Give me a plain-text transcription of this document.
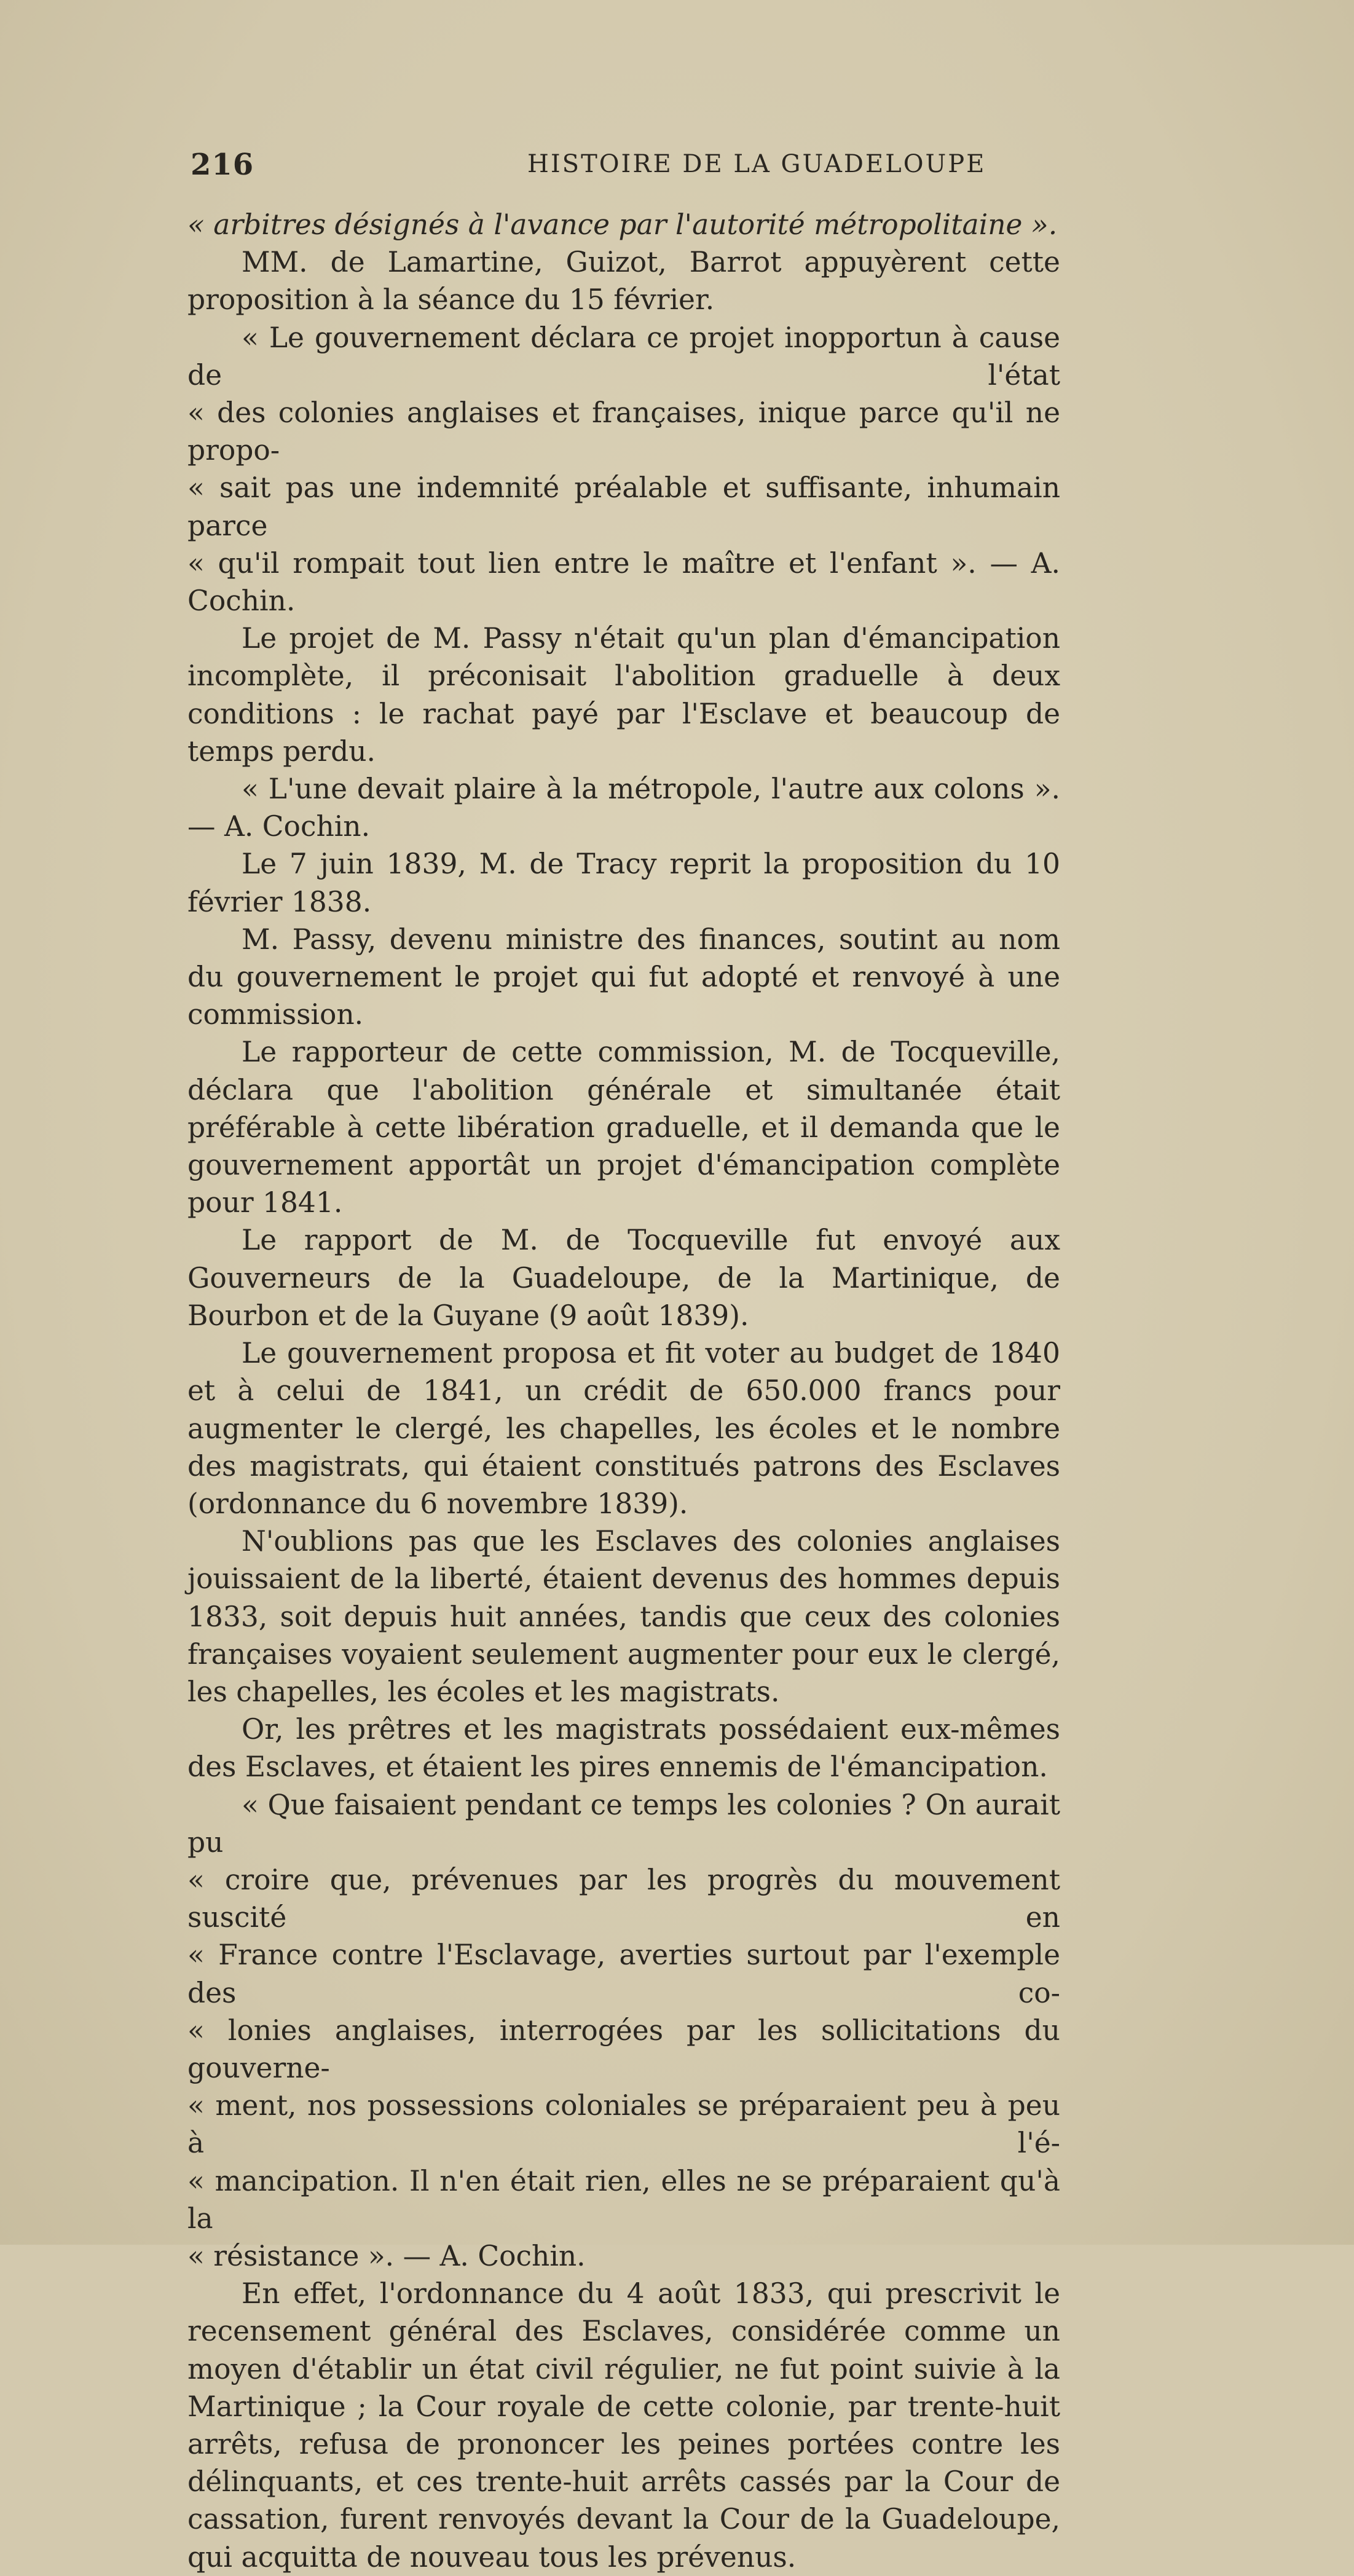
216	HISTOIRE DE LA GUADELOUPE

« arbitres désignés à l'avance par l'autorité métropolitaine ».

MM. de Lamartine, Guizot, Barrot appuyèrent cette proposition à la séance du 15 février.

« Le gouvernement déclara ce projet inopportun à cause de l'état

« des colonies anglaises et françaises, inique parce qu'il ne propo-

« sait pas une indemnité préalable et suffisante, inhumain parce

« qu'il rompait tout lien entre le maître et l'enfant ». — A. Cochin.

Le projet de M. Passy n'était qu'un plan d'émancipation incomplète, il préconisait l'abolition graduelle à deux conditions : le rachat payé par l'Esclave et beaucoup de temps perdu.

« L'une devait plaire à la métropole, l'autre aux colons ». — A. Cochin.

Le 7 juin 1839, M. de Tracy reprit la proposition du 10 février 1838.

M. Passy, devenu ministre des finances, soutint au nom du gouvernement le projet qui fut adopté et renvoyé à une commission.

Le rapporteur de cette commission, M. de Tocqueville, déclara que l'abolition générale et simultanée était préférable à cette libération graduelle, et il demanda que le gouvernement apportât un projet d'émancipation complète pour 1841.

Le rapport de M. de Tocqueville fut envoyé aux Gouverneurs de la Guadeloupe, de la Martinique, de Bourbon et de la Guyane (9 août 1839).

Le gouvernement proposa et fit voter au budget de 1840 et à celui de 1841, un crédit de 650.000 francs pour augmenter le clergé, les chapelles, les écoles et le nombre des magistrats, qui étaient constitués patrons des Esclaves (ordonnance du 6 novembre 1839).

N'oublions pas que les Esclaves des colonies anglaises jouissaient de la liberté, étaient devenus des hommes depuis 1833, soit depuis huit années, tandis que ceux des colonies françaises voyaient seulement augmenter pour eux le clergé, les chapelles, les écoles et les magistrats.

Or, les prêtres et les magistrats possédaient eux-mêmes des Esclaves, et étaient les pires ennemis de l'émancipation.

« Que faisaient pendant ce temps les colonies ? On aurait pu

« croire que, prévenues par les progrès du mouvement suscité en

« France contre l'Esclavage, averties surtout par l'exemple des co-

« lonies anglaises, interrogées par les sollicitations du gouverne-

« ment, nos possessions coloniales se préparaient peu à peu à l'é-

« mancipation. Il n'en était rien, elles ne se préparaient qu'à la

« résistance ». — A. Cochin.

En effet, l'ordonnance du 4 août 1833, qui prescrivit le recensement général des Esclaves, considérée comme un moyen d'établir un état civil régulier, ne fut point suivie à la Martinique ; la Cour royale de cette colonie, par trente-huit arrêts, refusa de prononcer les peines portées contre les délinquants, et ces trente-huit arrêts cassés par la Cour de cassation, furent renvoyés devant la Cour de la Guadeloupe, qui acquitta de nouveau tous les prévenus.
